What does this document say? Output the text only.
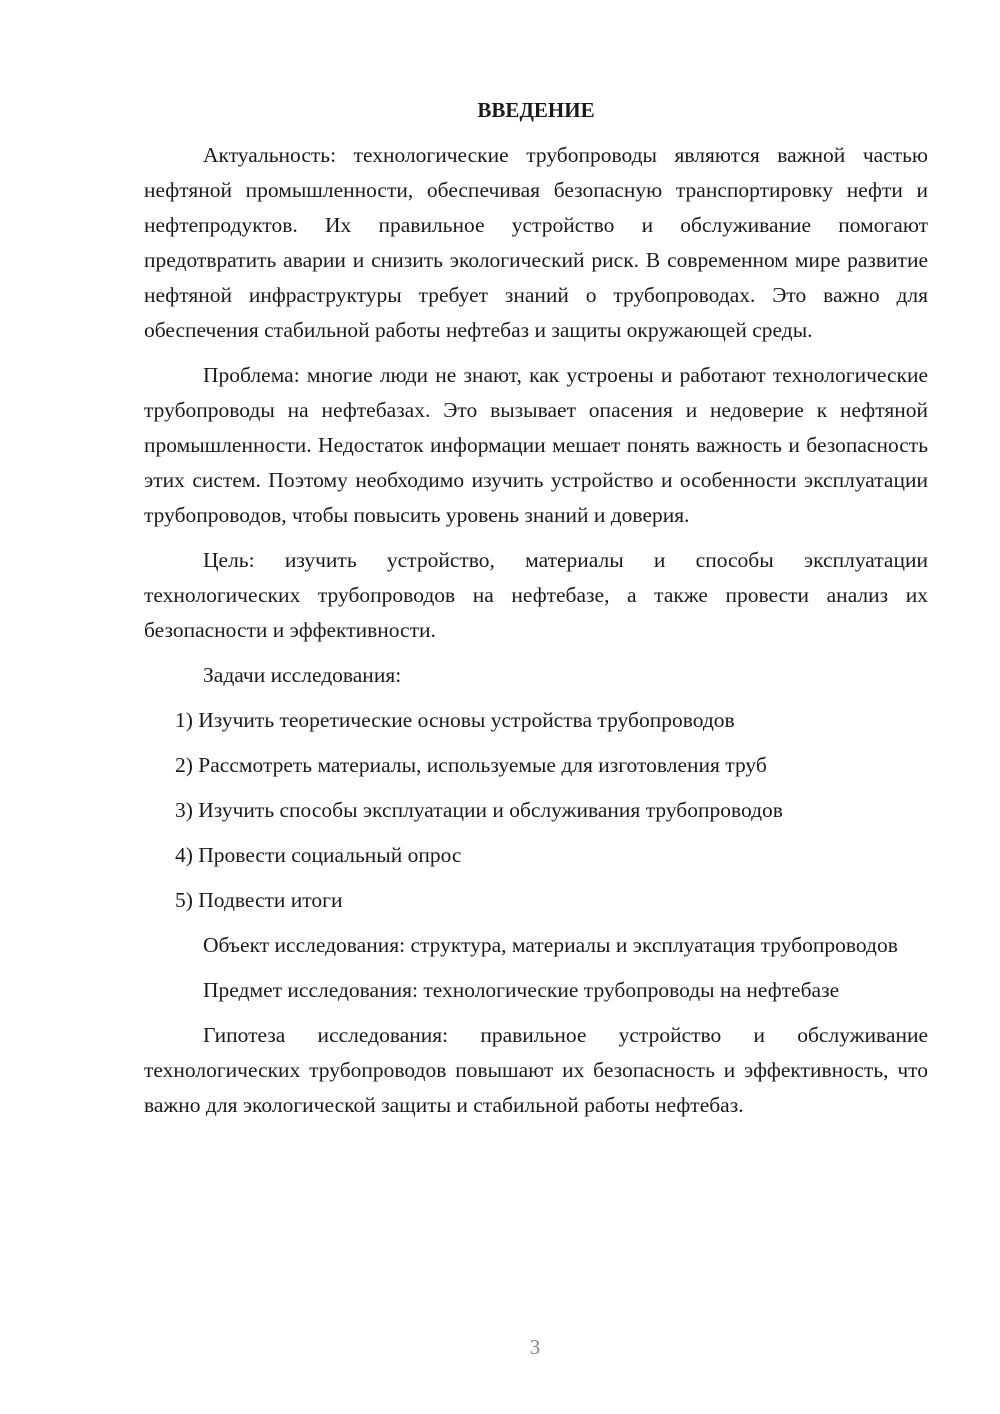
ВВЕДЕНИЕ

Актуальность: технологические трубопроводы являются важной частью нефтяной промышленности, обеспечивая безопасную транспортировку нефти и нефтепродуктов. Их правильное устройство и обслуживание помогают предотвратить аварии и снизить экологический риск. В современном мире развитие нефтяной инфраструктуры требует знаний о трубопроводах. Это важно для обеспечения стабильной работы нефтебаз и защиты окружающей среды.

Проблема: многие люди не знают, как устроены и работают технологические трубопроводы на нефтебазах. Это вызывает опасения и недоверие к нефтяной промышленности. Недостаток информации мешает понять важность и безопасность этих систем. Поэтому необходимо изучить устройство и особенности эксплуатации трубопроводов, чтобы повысить уровень знаний и доверия.

Цель: изучить устройство, материалы и способы эксплуатации технологических трубопроводов на нефтебазе, а также провести анализ их безопасности и эффективности.

Задачи исследования:

1) Изучить теоретические основы устройства трубопроводов
2) Рассмотреть материалы, используемые для изготовления труб
3) Изучить способы эксплуатации и обслуживания трубопроводов
4) Провести социальный опрос
5) Подвести итоги

Объект исследования: структура, материалы и эксплуатация трубопроводов

Предмет исследования: технологические трубопроводы на нефтебазе

Гипотеза исследования: правильное устройство и обслуживание технологических трубопроводов повышают их безопасность и эффективность, что важно для экологической защиты и стабильной работы нефтебаз.

3
